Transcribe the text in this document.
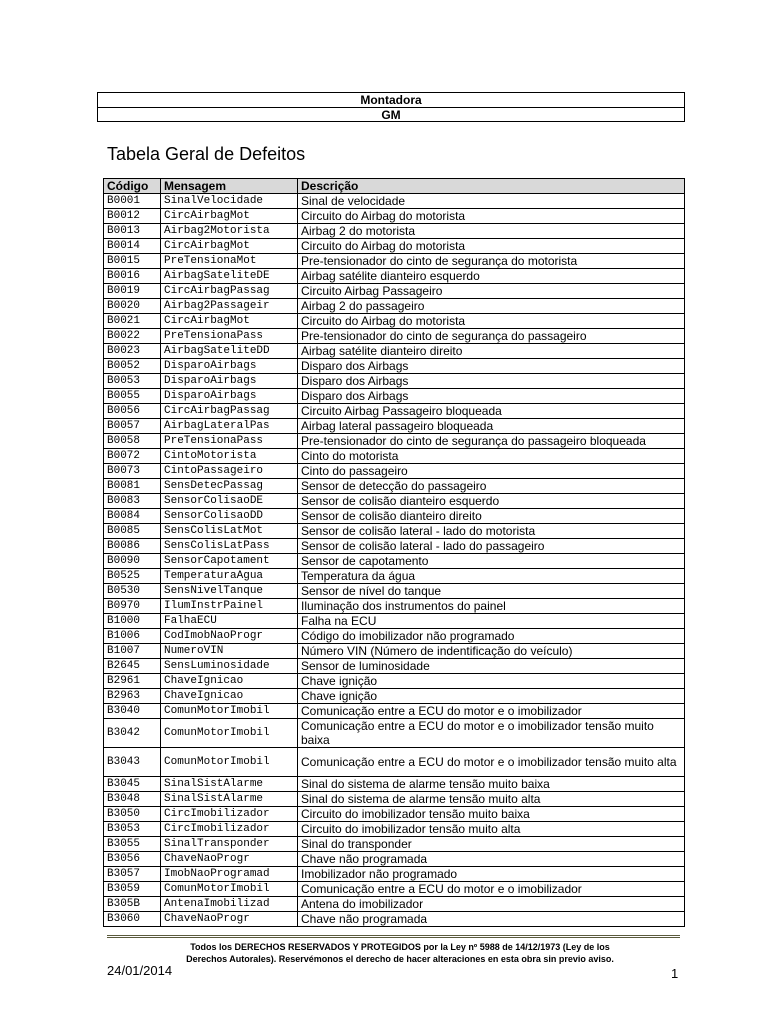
Montadora
GM
Tabela Geral de Defeitos
Código	Mensagem	Descrição
B0001	SinalVelocidade	Sinal de velocidade
B0012	CircAirbagMot	Circuito do Airbag do motorista
B0013	Airbag2Motorista	Airbag 2 do motorista
B0014	CircAirbagMot	Circuito do Airbag do motorista
B0015	PreTensionaMot	Pre-tensionador do cinto de segurança do motorista
B0016	AirbagSateliteDE	Airbag satélite dianteiro esquerdo
B0019	CircAirbagPassag	Circuito Airbag Passageiro
B0020	Airbag2Passageir	Airbag 2 do passageiro
B0021	CircAirbagMot	Circuito do Airbag do motorista
B0022	PreTensionaPass	Pre-tensionador do cinto de segurança do passageiro
B0023	AirbagSateliteDD	Airbag satélite dianteiro direito
B0052	DisparoAirbags	Disparo dos Airbags
B0053	DisparoAirbags	Disparo dos Airbags
B0055	DisparoAirbags	Disparo dos Airbags
B0056	CircAirbagPassag	Circuito Airbag Passageiro bloqueada
B0057	AirbagLateralPas	Airbag lateral passageiro bloqueada
B0058	PreTensionaPass	Pre-tensionador do cinto de segurança do passageiro bloqueada
B0072	CintoMotorista	Cinto do motorista
B0073	CintoPassageiro	Cinto do passageiro
B0081	SensDetecPassag	Sensor de detecção do passageiro
B0083	SensorColisaoDE	Sensor de colisão dianteiro esquerdo
B0084	SensorColisaoDD	Sensor de colisão dianteiro direito
B0085	SensColisLatMot	Sensor de colisão lateral - lado do motorista
B0086	SensColisLatPass	Sensor de colisão lateral - lado do passageiro
B0090	SensorCapotament	Sensor de capotamento
B0525	TemperaturaAgua	Temperatura da água
B0530	SensNivelTanque	Sensor de nível do tanque
B0970	IlumInstrPainel	Iluminação dos instrumentos do painel
B1000	FalhaECU	Falha na ECU
B1006	CodImobNaoProgr	Código do imobilizador não programado
B1007	NumeroVIN	Número VIN (Número de indentificação do veículo)
B2645	SensLuminosidade	Sensor de luminosidade
B2961	ChaveIgnicao	Chave ignição
B2963	ChaveIgnicao	Chave ignição
B3040	ComunMotorImobil	Comunicação entre a ECU do motor e o imobilizador
B3042	ComunMotorImobil	Comunicação entre a ECU do motor e o imobilizador tensão muito baixa
B3043	ComunMotorImobil	Comunicação entre a ECU do motor e o imobilizador tensão muito alta
B3045	SinalSistAlarme	Sinal do sistema de alarme tensão muito baixa
B3048	SinalSistAlarme	Sinal do sistema de alarme tensão muito alta
B3050	CircImobilizador	Circuito do imobilizador tensão muito baixa
B3053	CircImobilizador	Circuito do imobilizador tensão muito alta
B3055	SinalTransponder	Sinal do transponder
B3056	ChaveNaoProgr	Chave não programada
B3057	ImobNaoProgramad	Imobilizador não programado
B3059	ComunMotorImobil	Comunicação entre a ECU do motor e o imobilizador
B305B	AntenaImobilizad	Antena do imobilizador
B3060	ChaveNaoProgr	Chave não programada
Todos los DERECHOS RESERVADOS Y PROTEGIDOS por la Ley nº 5988 de 14/12/1973 (Ley de los
Derechos Autorales). Reservémonos el derecho de hacer alteraciones en esta obra sin previo aviso.
24/01/2014	1
